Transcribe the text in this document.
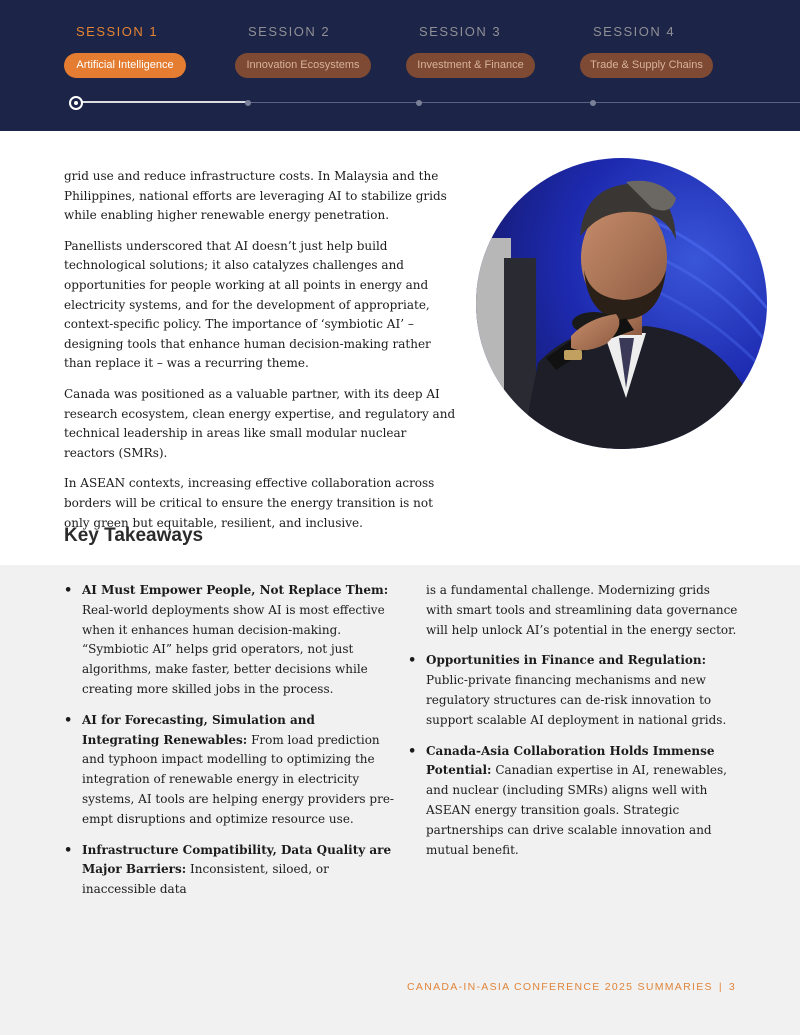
SESSION 1	SESSION 2	SESSION 3	SESSION 4
Artificial Intelligence	Innovation Ecosystems	Investment & Finance	Trade & Supply Chains

grid use and reduce infrastructure costs. In Malaysia and the Philippines, national efforts are leveraging AI to stabilize grids while enabling higher renewable energy penetration.

Panellists underscored that AI doesn’t just help build technological solutions; it also catalyzes challenges and opportunities for people working at all points in energy and electricity systems, and for the development of appropriate, context-specific policy. The importance of ‘symbiotic AI’ – designing tools that enhance human decision-making rather than replace it – was a recurring theme.

Canada was positioned as a valuable partner, with its deep AI research ecosystem, clean energy expertise, and regulatory and technical leadership in areas like small modular nuclear reactors (SMRs).

In ASEAN contexts, increasing effective collaboration across borders will be critical to ensure the energy transition is not only green but equitable, resilient, and inclusive.

Key Takeaways
• AI Must Empower People, Not Replace Them: Real-world deployments show AI is most effective when it enhances human decision-making. “Symbiotic AI” helps grid operators, not just algorithms, make faster, better decisions while creating more skilled jobs in the process.
• AI for Forecasting, Simulation and Integrating Renewables: From load prediction and typhoon impact modelling to optimizing the integration of renewable energy in electricity systems, AI tools are helping energy providers pre-empt disruptions and optimize resource use.
• Infrastructure Compatibility, Data Quality are Major Barriers: Inconsistent, siloed, or inaccessible data
is a fundamental challenge. Modernizing grids with smart tools and streamlining data governance will help unlock AI’s potential in the energy sector.
• Opportunities in Finance and Regulation:
Public-private financing mechanisms and new regulatory structures can de-risk innovation to support scalable AI deployment in national grids.
• Canada-Asia Collaboration Holds Immense Potential: Canadian expertise in AI, renewables, and nuclear (including SMRs) aligns well with ASEAN energy transition goals. Strategic partnerships can drive scalable innovation and mutual benefit.
CANADA-IN-ASIA CONFERENCE 2025 SUMMARIES | 3
